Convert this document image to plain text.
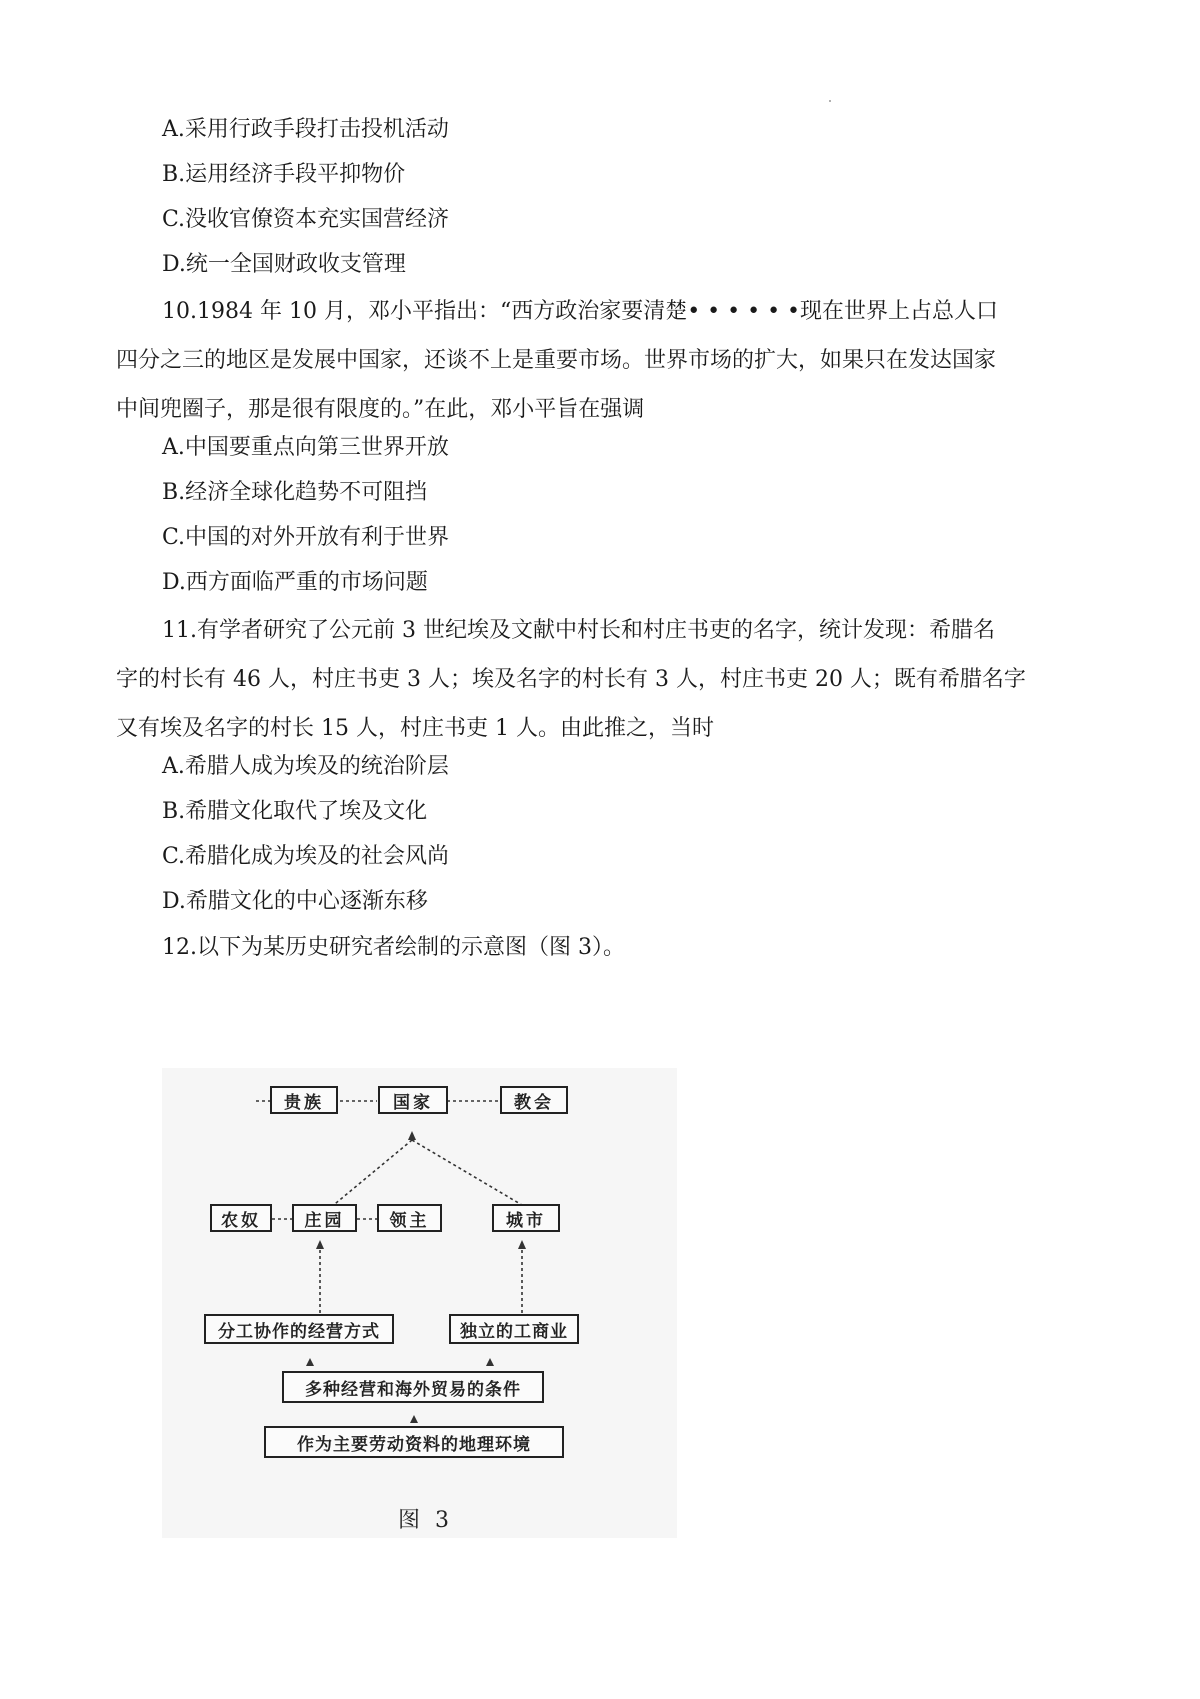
A.采用行政手段打击投机活动
B.运用经济手段平抑物价
C.没收官僚资本充实国营经济
D.统一全国财政收支管理
10.1984 年 10 月，邓小平指出：“西方政治家要清楚• • • • • •现在世界上占总人口
四分之三的地区是发展中国家，还谈不上是重要市场。世界市场的扩大，如果只在发达国家
中间兜圈子，那是很有限度的。”在此，邓小平旨在强调
A.中国要重点向第三世界开放
B.经济全球化趋势不可阻挡
C.中国的对外开放有利于世界
D.西方面临严重的市场问题
11.有学者研究了公元前 3 世纪埃及文献中村长和村庄书吏的名字，统计发现：希腊名
字的村长有 46 人，村庄书吏 3 人；埃及名字的村长有 3 人，村庄书吏 20 人；既有希腊名字
又有埃及名字的村长 15 人，村庄书吏 1 人。由此推之，当时
A.希腊人成为埃及的统治阶层
B.希腊文化取代了埃及文化
C.希腊化成为埃及的社会风尚
D.希腊文化的中心逐渐东移
12.以下为某历史研究者绘制的示意图（图 3）。
贵族	国家	教会
农奴	庄园	领主	城市
分工协作的经营方式	独立的工商业
多种经营和海外贸易的条件
作为主要劳动资料的地理环境
图 3
